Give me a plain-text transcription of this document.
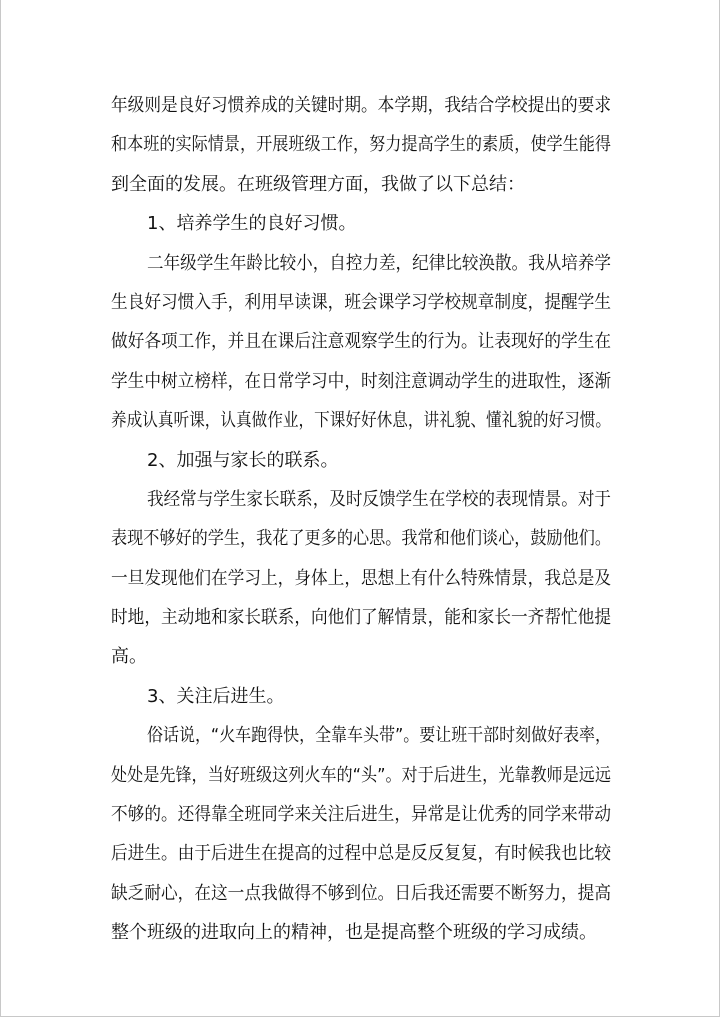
年级则是良好习惯养成的关键时期。本学期，我结合学校提出的要求
和本班的实际情景，开展班级工作，努力提高学生的素质，使学生能得
到全面的发展。在班级管理方面，我做了以下总结：
1、培养学生的良好习惯。
二年级学生年龄比较小，自控力差，纪律比较涣散。我从培养学
生良好习惯入手，利用早读课，班会课学习学校规章制度，提醒学生
做好各项工作，并且在课后注意观察学生的行为。让表现好的学生在
学生中树立榜样，在日常学习中，时刻注意调动学生的进取性，逐渐
养成认真听课，认真做作业，下课好好休息，讲礼貌、懂礼貌的好习惯。
2、加强与家长的联系。
我经常与学生家长联系，及时反馈学生在学校的表现情景。对于
表现不够好的学生，我花了更多的心思。我常和他们谈心，鼓励他们。
一旦发现他们在学习上，身体上，思想上有什么特殊情景，我总是及
时地，主动地和家长联系，向他们了解情景，能和家长一齐帮忙他提
高。
3、关注后进生。
俗话说，“火车跑得快，全靠车头带”。要让班干部时刻做好表率，
处处是先锋，当好班级这列火车的“头”。对于后进生，光靠教师是远远
不够的。还得靠全班同学来关注后进生，异常是让优秀的同学来带动
后进生。由于后进生在提高的过程中总是反反复复，有时候我也比较
缺乏耐心，在这一点我做得不够到位。日后我还需要不断努力，提高
整个班级的进取向上的精神，也是提高整个班级的学习成绩。
